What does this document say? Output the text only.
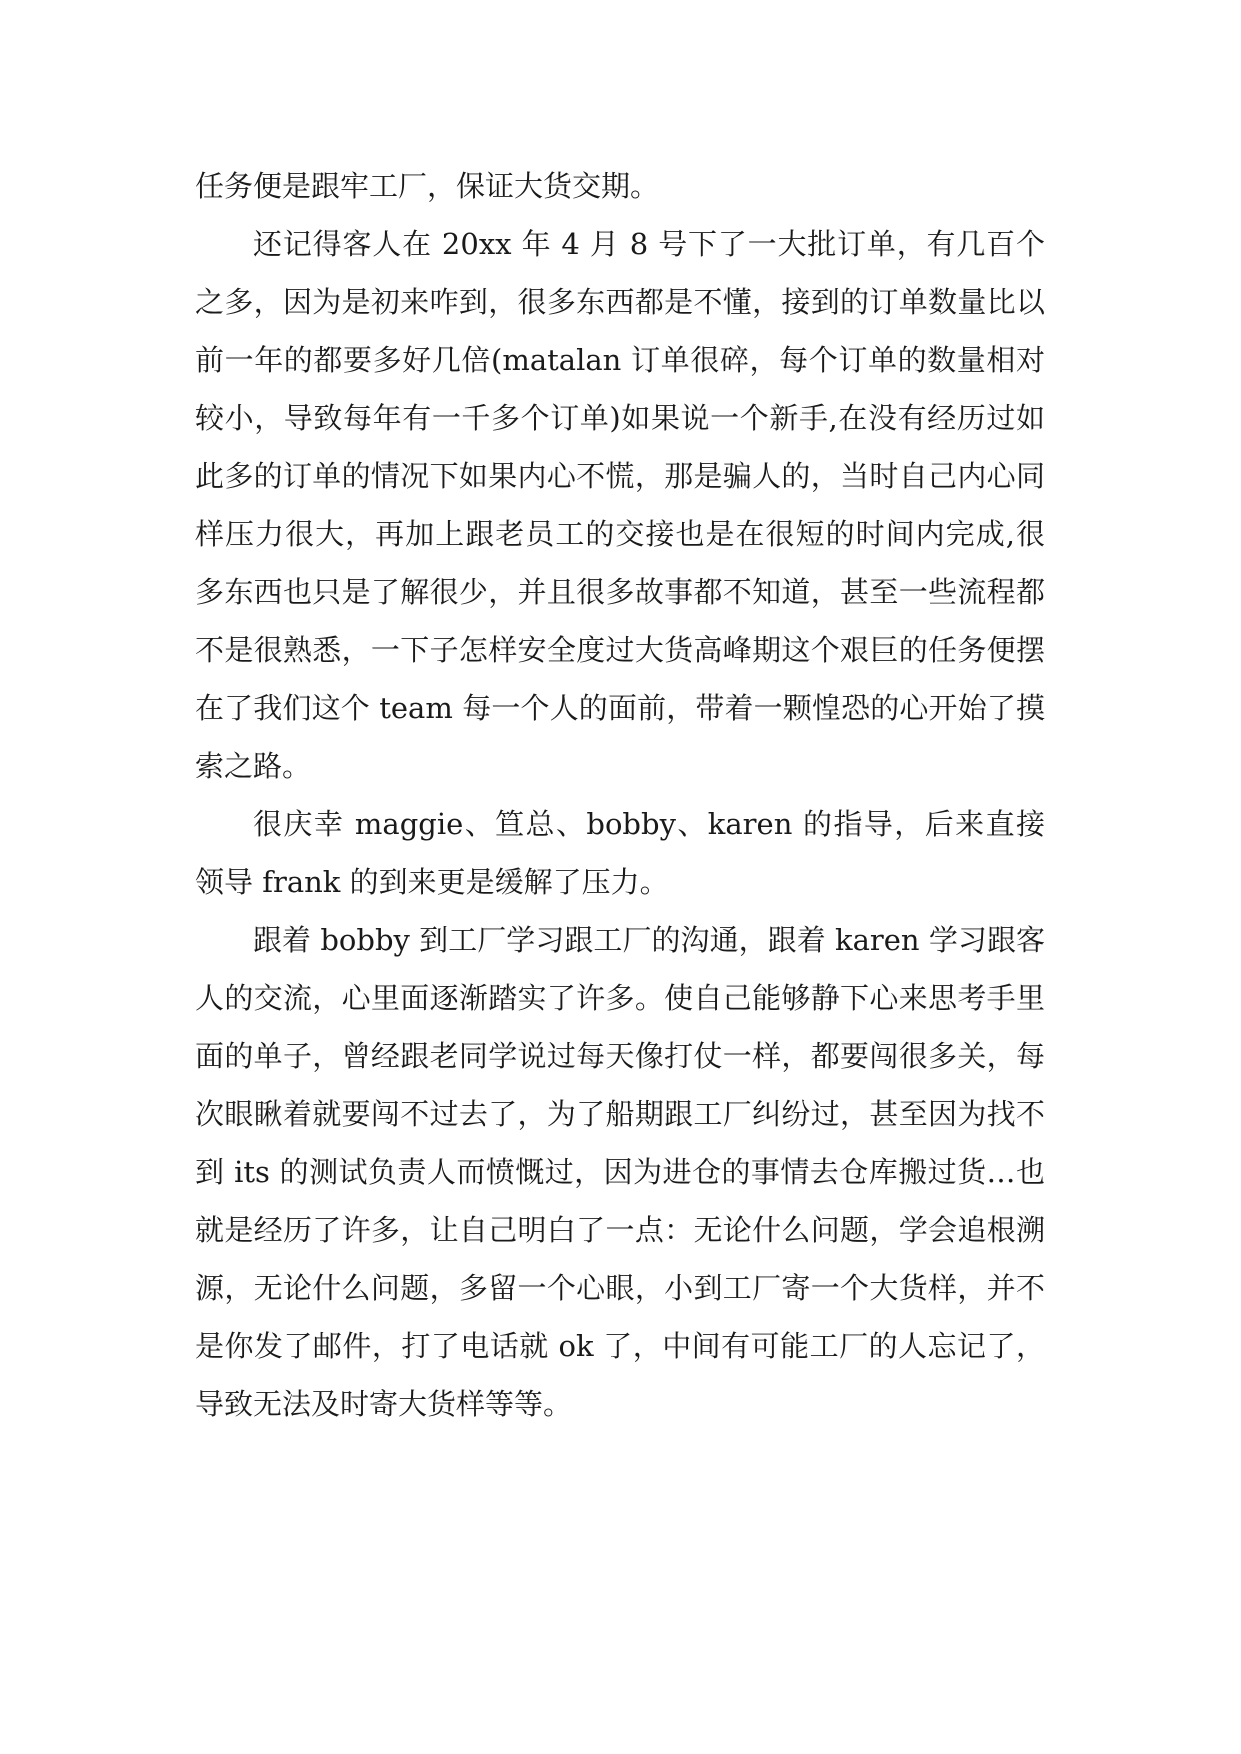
任务便是跟牢工厂，保证大货交期。

还记得客人在 20xx 年 4 月 8 号下了一大批订单，有几百个之多，因为是初来咋到，很多东西都是不懂，接到的订单数量比以前一年的都要多好几倍(matalan 订单很碎，每个订单的数量相对较小，导致每年有一千多个订单)如果说一个新手,在没有经历过如此多的订单的情况下如果内心不慌，那是骗人的，当时自己内心同样压力很大，再加上跟老员工的交接也是在很短的时间内完成,很多东西也只是了解很少，并且很多故事都不知道，甚至一些流程都不是很熟悉，一下子怎样安全度过大货高峰期这个艰巨的任务便摆在了我们这个 team 每一个人的面前，带着一颗惶恐的心开始了摸索之路。

很庆幸 maggie、笪总、bobby、karen 的指导，后来直接领导 frank 的到来更是缓解了压力。

跟着 bobby 到工厂学习跟工厂的沟通，跟着 karen 学习跟客人的交流，心里面逐渐踏实了许多。使自己能够静下心来思考手里面的单子，曾经跟老同学说过每天像打仗一样，都要闯很多关，每次眼瞅着就要闯不过去了，为了船期跟工厂纠纷过，甚至因为找不到 its 的测试负责人而愤慨过，因为进仓的事情去仓库搬过货…也就是经历了许多，让自己明白了一点：无论什么问题，学会追根溯源，无论什么问题，多留一个心眼，小到工厂寄一个大货样，并不是你发了邮件，打了电话就 ok 了，中间有可能工厂的人忘记了，导致无法及时寄大货样等等。
